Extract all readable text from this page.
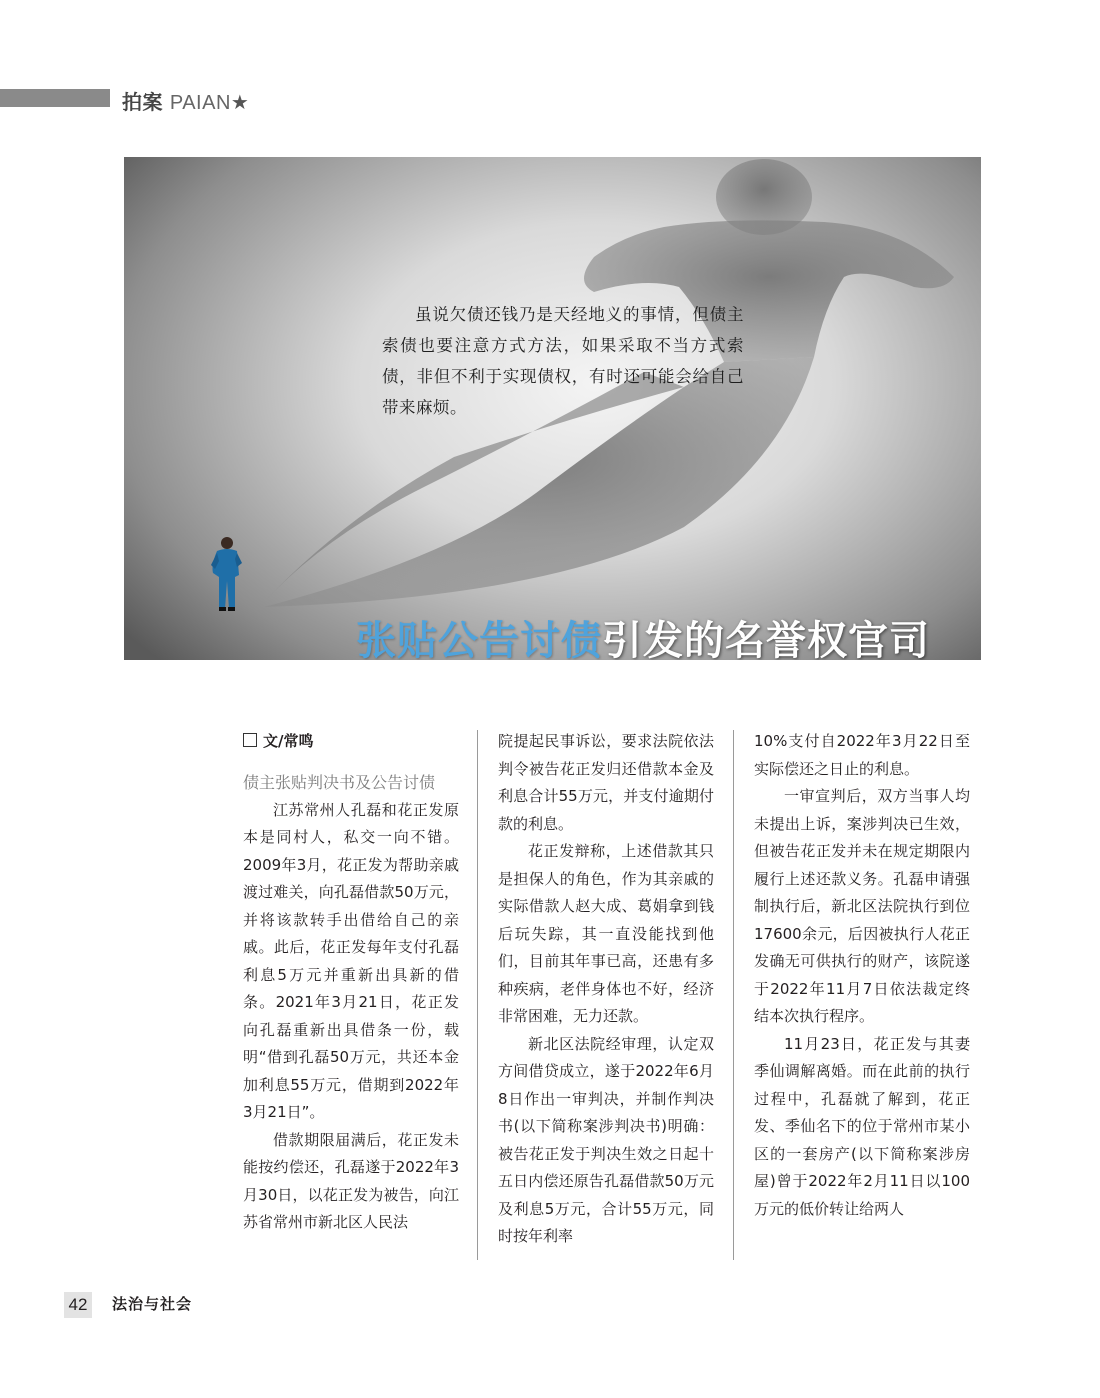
拍案 PAIAN★
虽说欠债还钱乃是天经地义的事情，但债主索债也要注意方式方法，如果采取不当方式索债，非但不利于实现债权，有时还可能会给自己带来麻烦。
张贴公告讨债引发的名誉权官司

文/常鸣

债主张贴判决书及公告讨债

江苏常州人孔磊和花正发原本是同村人，私交一向不错。2009年3月，花正发为帮助亲戚渡过难关，向孔磊借款50万元，并将该款转手出借给自己的亲戚。此后，花正发每年支付孔磊利息5万元并重新出具新的借条。2021年3月21日，花正发向孔磊重新出具借条一份，载明“借到孔磊50万元，共还本金加利息55万元，借期到2022年3月21日”。

借款期限届满后，花正发未能按约偿还，孔磊遂于2022年3月30日，以花正发为被告，向江苏省常州市新北区人民法

院提起民事诉讼，要求法院依法判令被告花正发归还借款本金及利息合计55万元，并支付逾期付款的利息。

花正发辩称，上述借款其只是担保人的角色，作为其亲戚的实际借款人赵大成、葛娟拿到钱后玩失踪，其一直没能找到他们，目前其年事已高，还患有多种疾病，老伴身体也不好，经济非常困难，无力还款。

新北区法院经审理，认定双方间借贷成立，遂于2022年6月8日作出一审判决，并制作判决书(以下简称案涉判决书)明确：被告花正发于判决生效之日起十五日内偿还原告孔磊借款50万元及利息5万元，合计55万元，同时按年利率

10%支付自2022年3月22日至实际偿还之日止的利息。

一审宣判后，双方当事人均未提出上诉，案涉判决已生效，但被告花正发并未在规定期限内履行上述还款义务。孔磊申请强制执行后，新北区法院执行到位17600余元，后因被执行人花正发确无可供执行的财产，该院遂于2022年11月7日依法裁定终结本次执行程序。

11月23日，花正发与其妻季仙调解离婚。而在此前的执行过程中，孔磊就了解到，花正发、季仙名下的位于常州市某小区的一套房产(以下简称案涉房屋)曾于2022年2月11日以100万元的低价转让给两人

42	法治与社会
